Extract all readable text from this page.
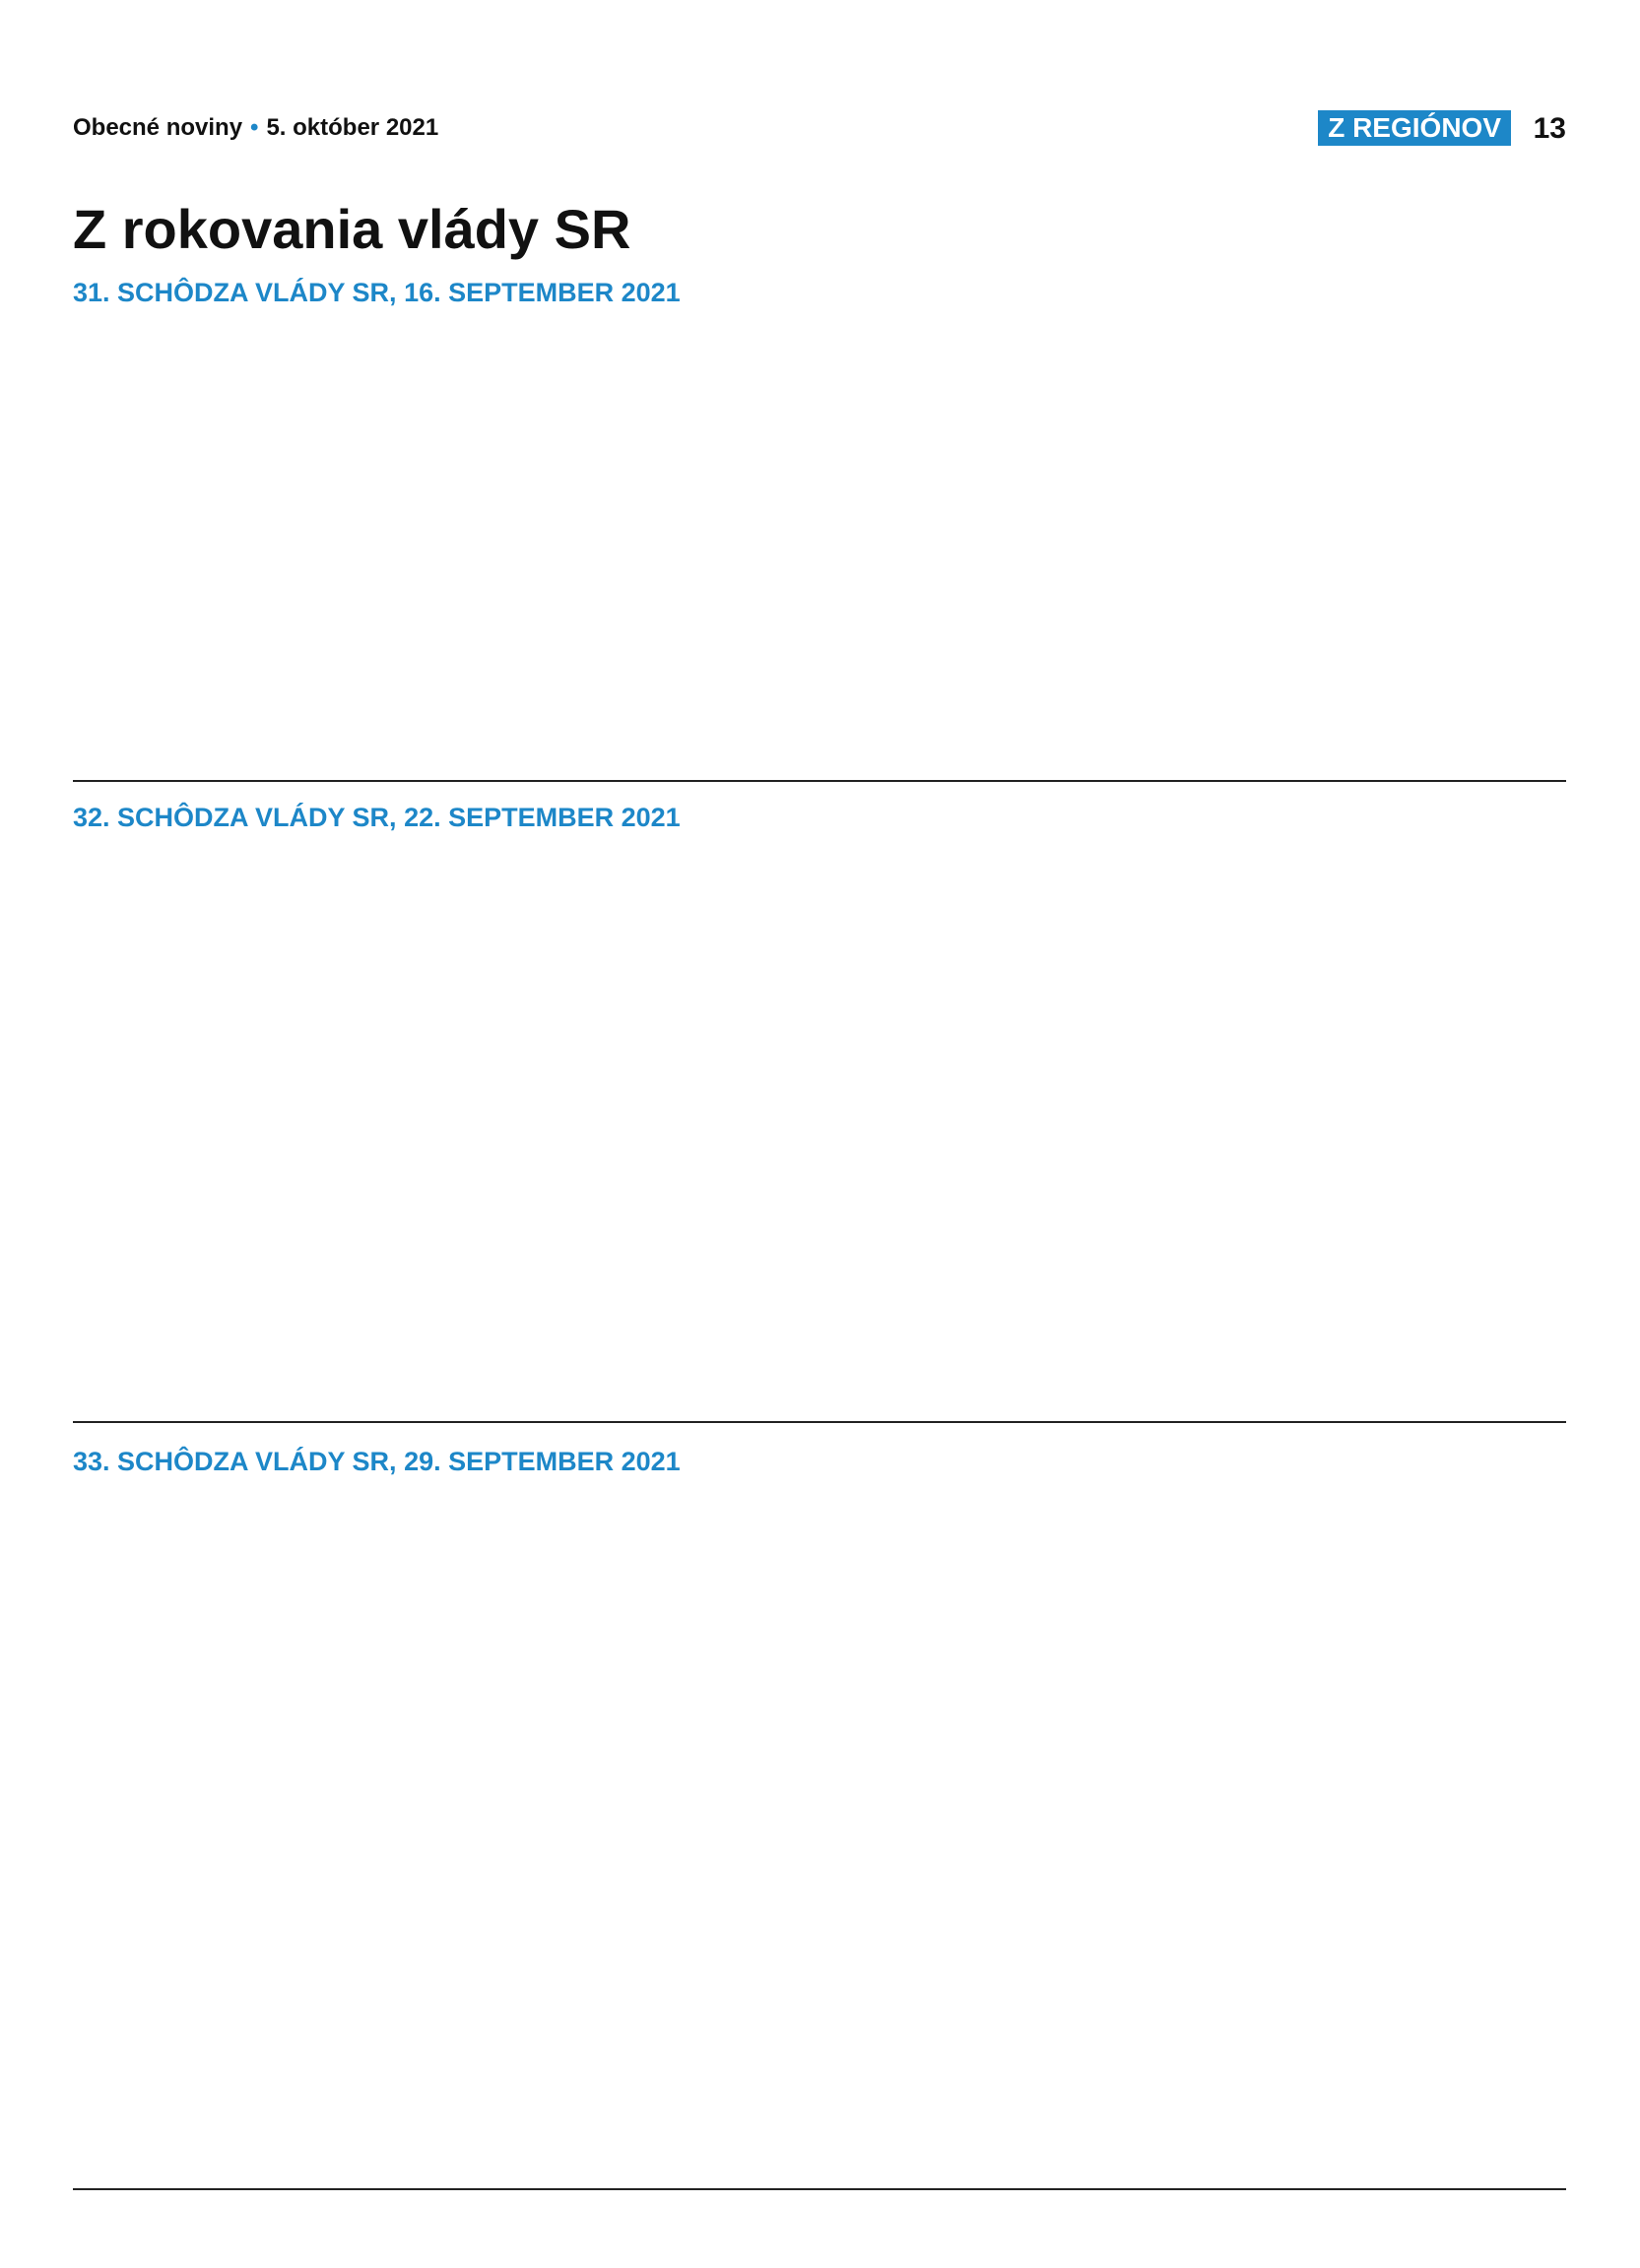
Obecné noviny • 5. október 2021	Z REGIÓNOV	13
Z rokovania vlády SR
31. SCHÔDZA VLÁDY SR, 16. SEPTEMBER 2021
32. SCHÔDZA VLÁDY SR, 22. SEPTEMBER 2021
33. SCHÔDZA VLÁDY SR, 29. SEPTEMBER 2021
